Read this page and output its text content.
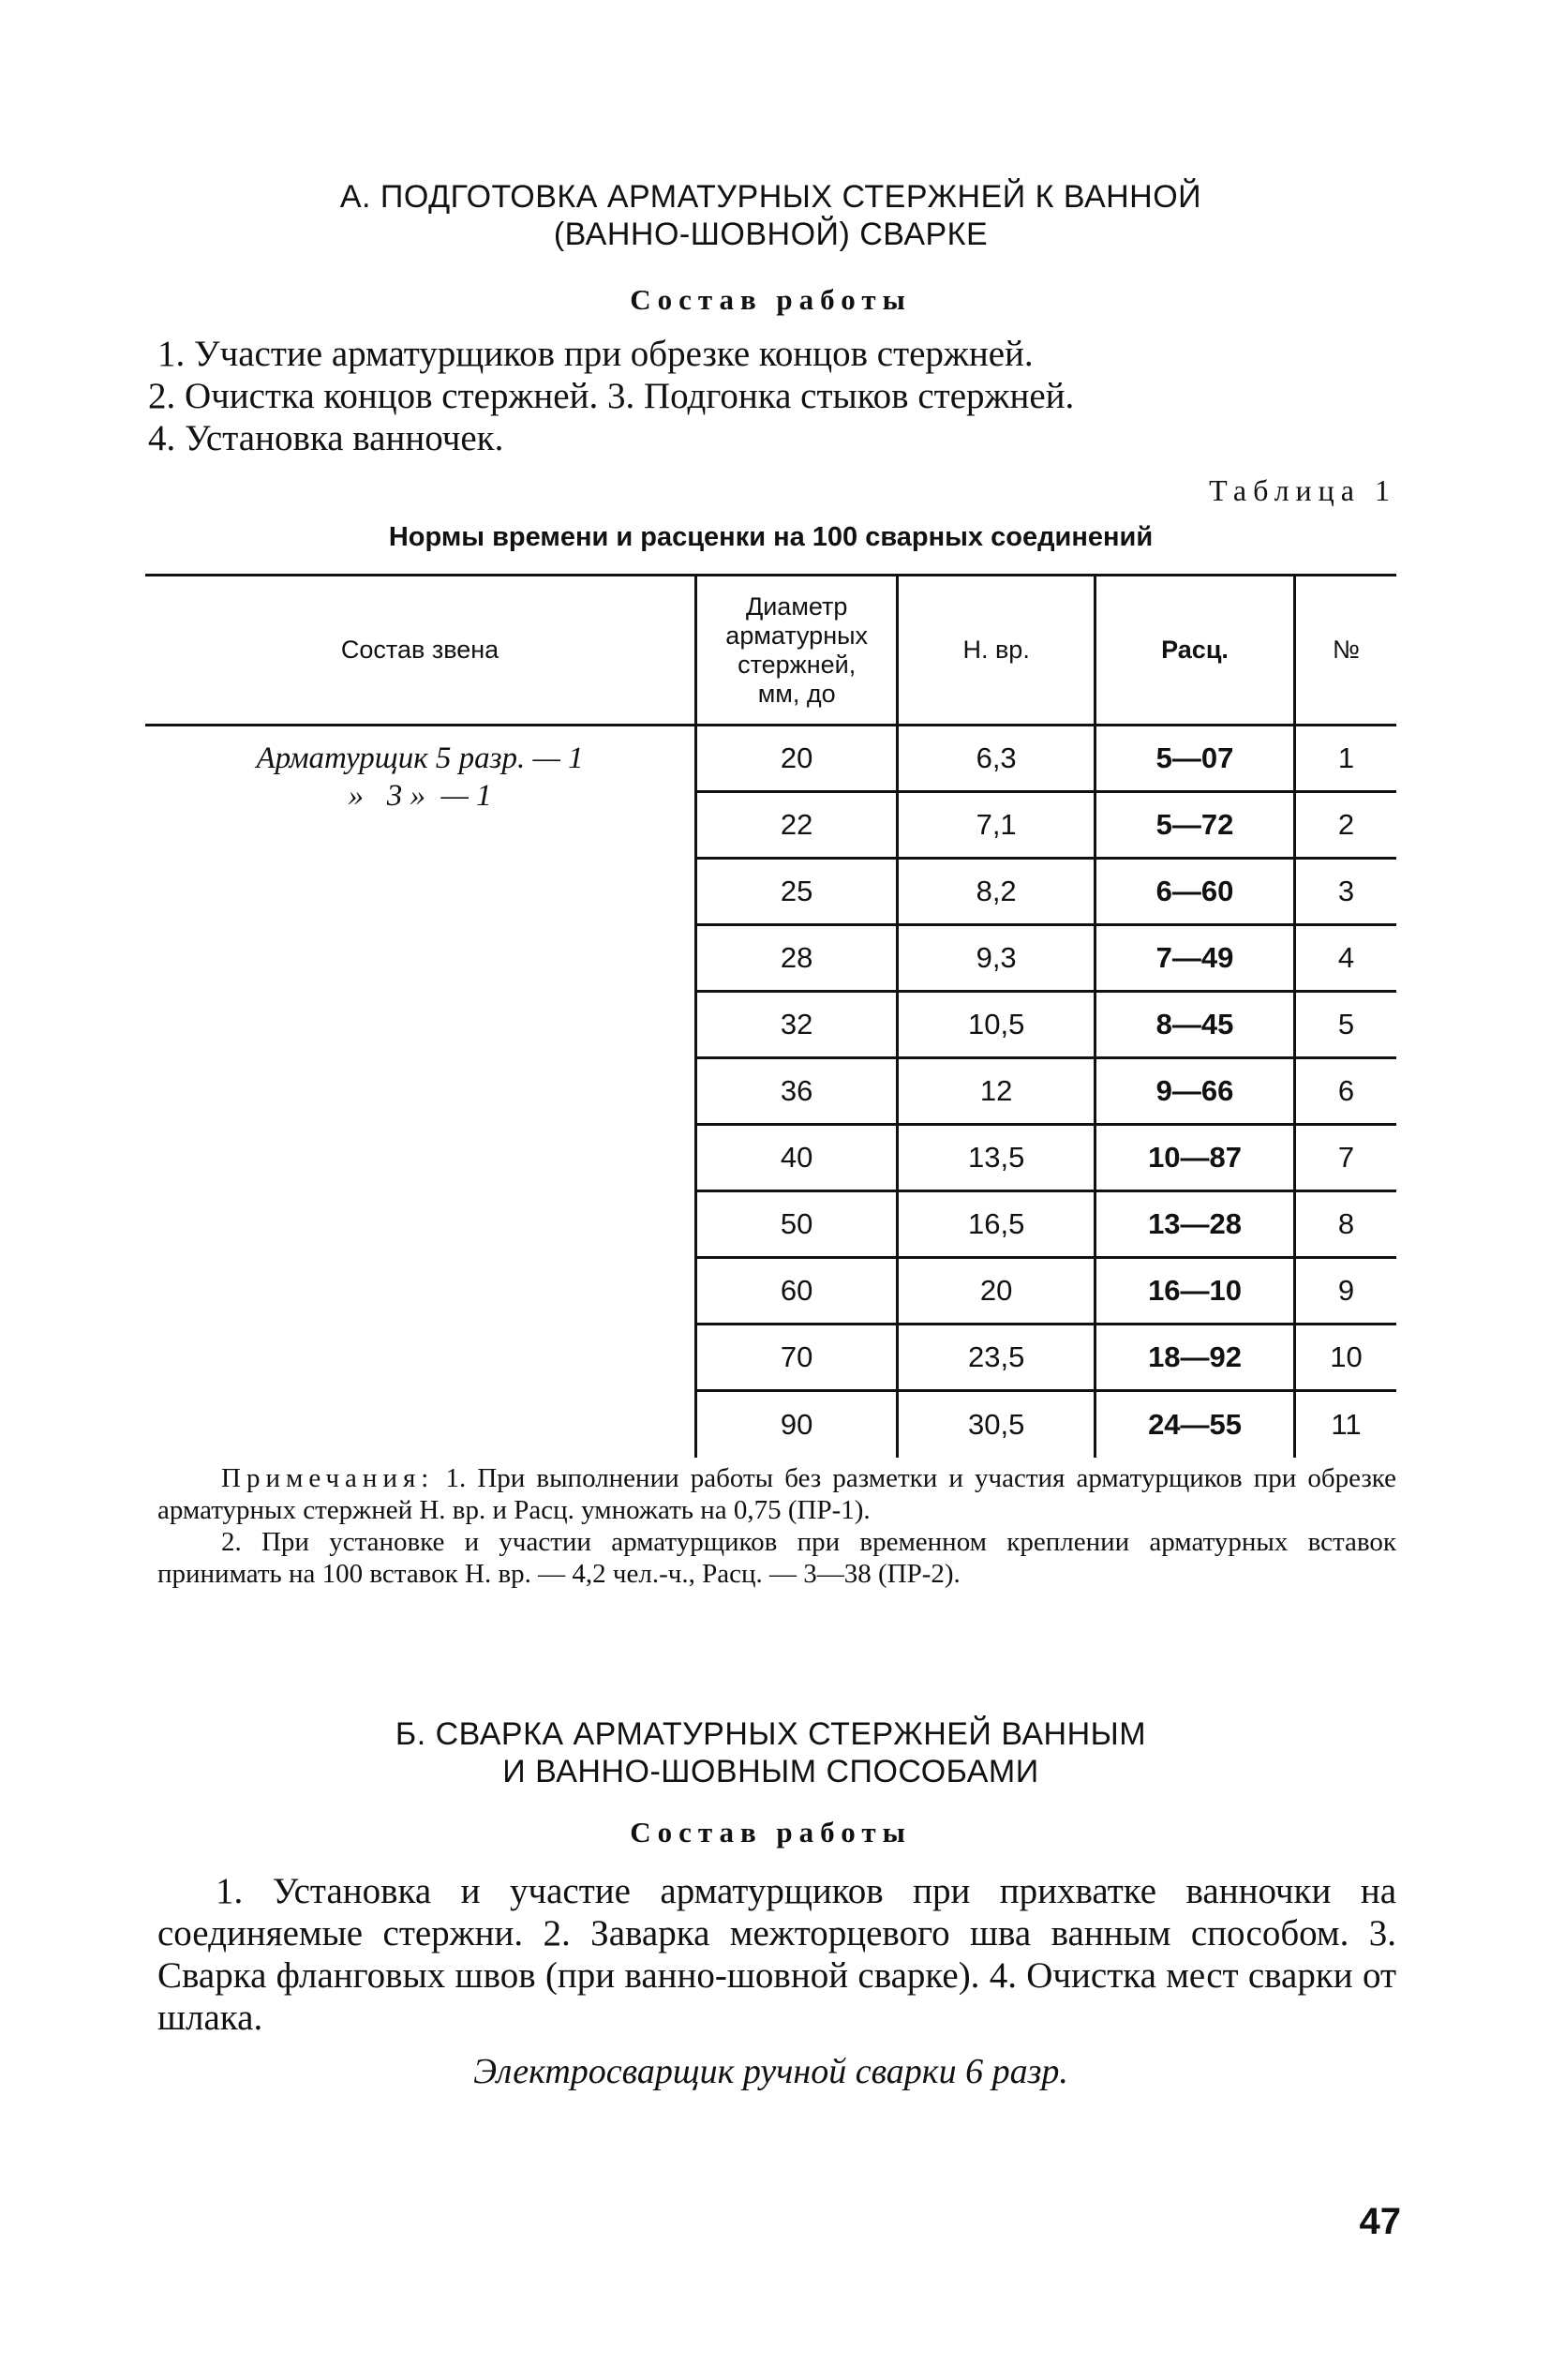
А. ПОДГОТОВКА АРМАТУРНЫХ СТЕРЖНЕЙ К ВАННОЙ
(ВАННО-ШОВНОЙ) СВАРКЕ
Состав работы

1. Участие арматурщиков при обрезке концов стержней.

2. Очистка концов стержней. 3. Подгонка стыков стержней.

4. Установка ванночек.

Таблица 1
Нормы времени и расценки на 100 сварных соединений
Состав звена	Диаметр
арматурных
стержней,
мм, до	Н. вр.	Расц.	№

Арматурщик 5 разр. — 1
»   3 »  — 1	20	6,3	5—07	1
	22	7,1	5—72	2
	25	8,2	6—60	3
	28	9,3	7—49	4
	32	10,5	8—45	5
	36	12	9—66	6
	40	13,5	10—87	7
	50	16,5	13—28	8
	60	20	16—10	9
	70	23,5	18—92	10
	90	30,5	24—55	11

Примечания: 1. При выполнении работы без разметки и участия арматурщиков при обрезке арматурных стержней Н. вр. и Расц. умножать на 0,75 (ПР-1).

2. При установке и участии арматурщиков при временном креплении арматурных вставок принимать на 100 вставок Н. вр. — 4,2 чел.-ч., Расц. — 3—38 (ПР-2).

Б. СВАРКА АРМАТУРНЫХ СТЕРЖНЕЙ ВАННЫМ
И ВАННО-ШОВНЫМ СПОСОБАМИ
Состав работы

1. Установка и участие арматурщиков при прихватке ванночки на соединяемые стержни. 2. Заварка межторцевого шва ванным способом. 3. Сварка фланговых швов (при ванно-шовной сварке). 4. Очистка мест сварки от шлака.

Электросварщик ручной сварки 6 разр.
47
